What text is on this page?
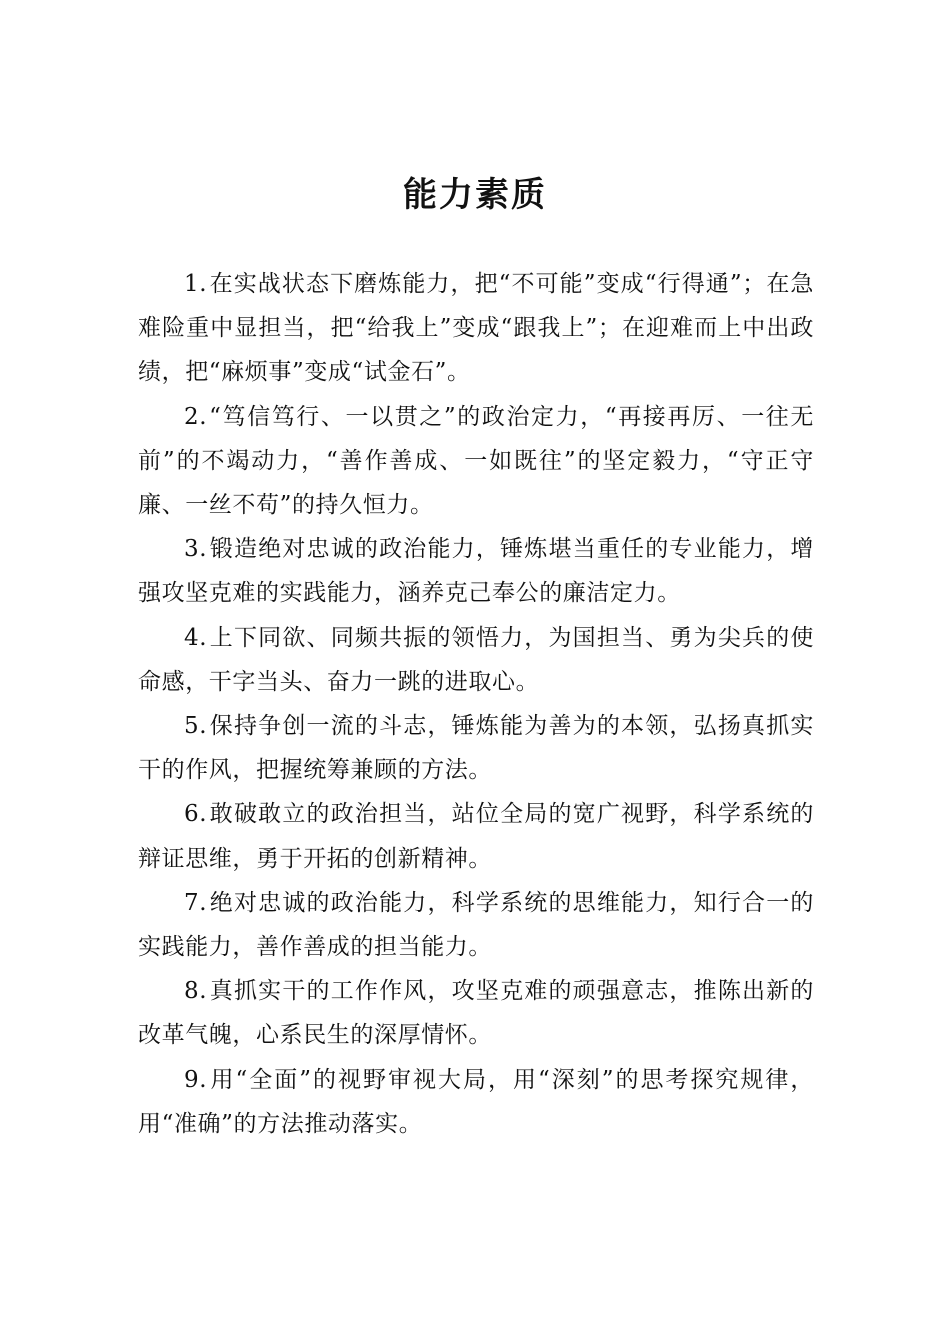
能力素质

1.在实战状态下磨炼能力，把“不可能”变成“行得通”；在急难险重中显担当，把“给我上”变成“跟我上”；在迎难而上中出政绩，把“麻烦事”变成“试金石”。

2.“笃信笃行、一以贯之”的政治定力，“再接再厉、一往无前”的不竭动力，“善作善成、一如既往”的坚定毅力，“守正守廉、一丝不苟”的持久恒力。

3.锻造绝对忠诚的政治能力，锤炼堪当重任的专业能力，增强攻坚克难的实践能力，涵养克己奉公的廉洁定力。

4.上下同欲、同频共振的领悟力，为国担当、勇为尖兵的使命感，干字当头、奋力一跳的进取心。

5.保持争创一流的斗志，锤炼能为善为的本领，弘扬真抓实干的作风，把握统筹兼顾的方法。

6.敢破敢立的政治担当，站位全局的宽广视野，科学系统的辩证思维，勇于开拓的创新精神。

7.绝对忠诚的政治能力，科学系统的思维能力，知行合一的实践能力，善作善成的担当能力。

8.真抓实干的工作作风，攻坚克难的顽强意志，推陈出新的改革气魄，心系民生的深厚情怀。

9.用“全面”的视野审视大局，用“深刻”的思考探究规律，用“准确”的方法推动落实。
